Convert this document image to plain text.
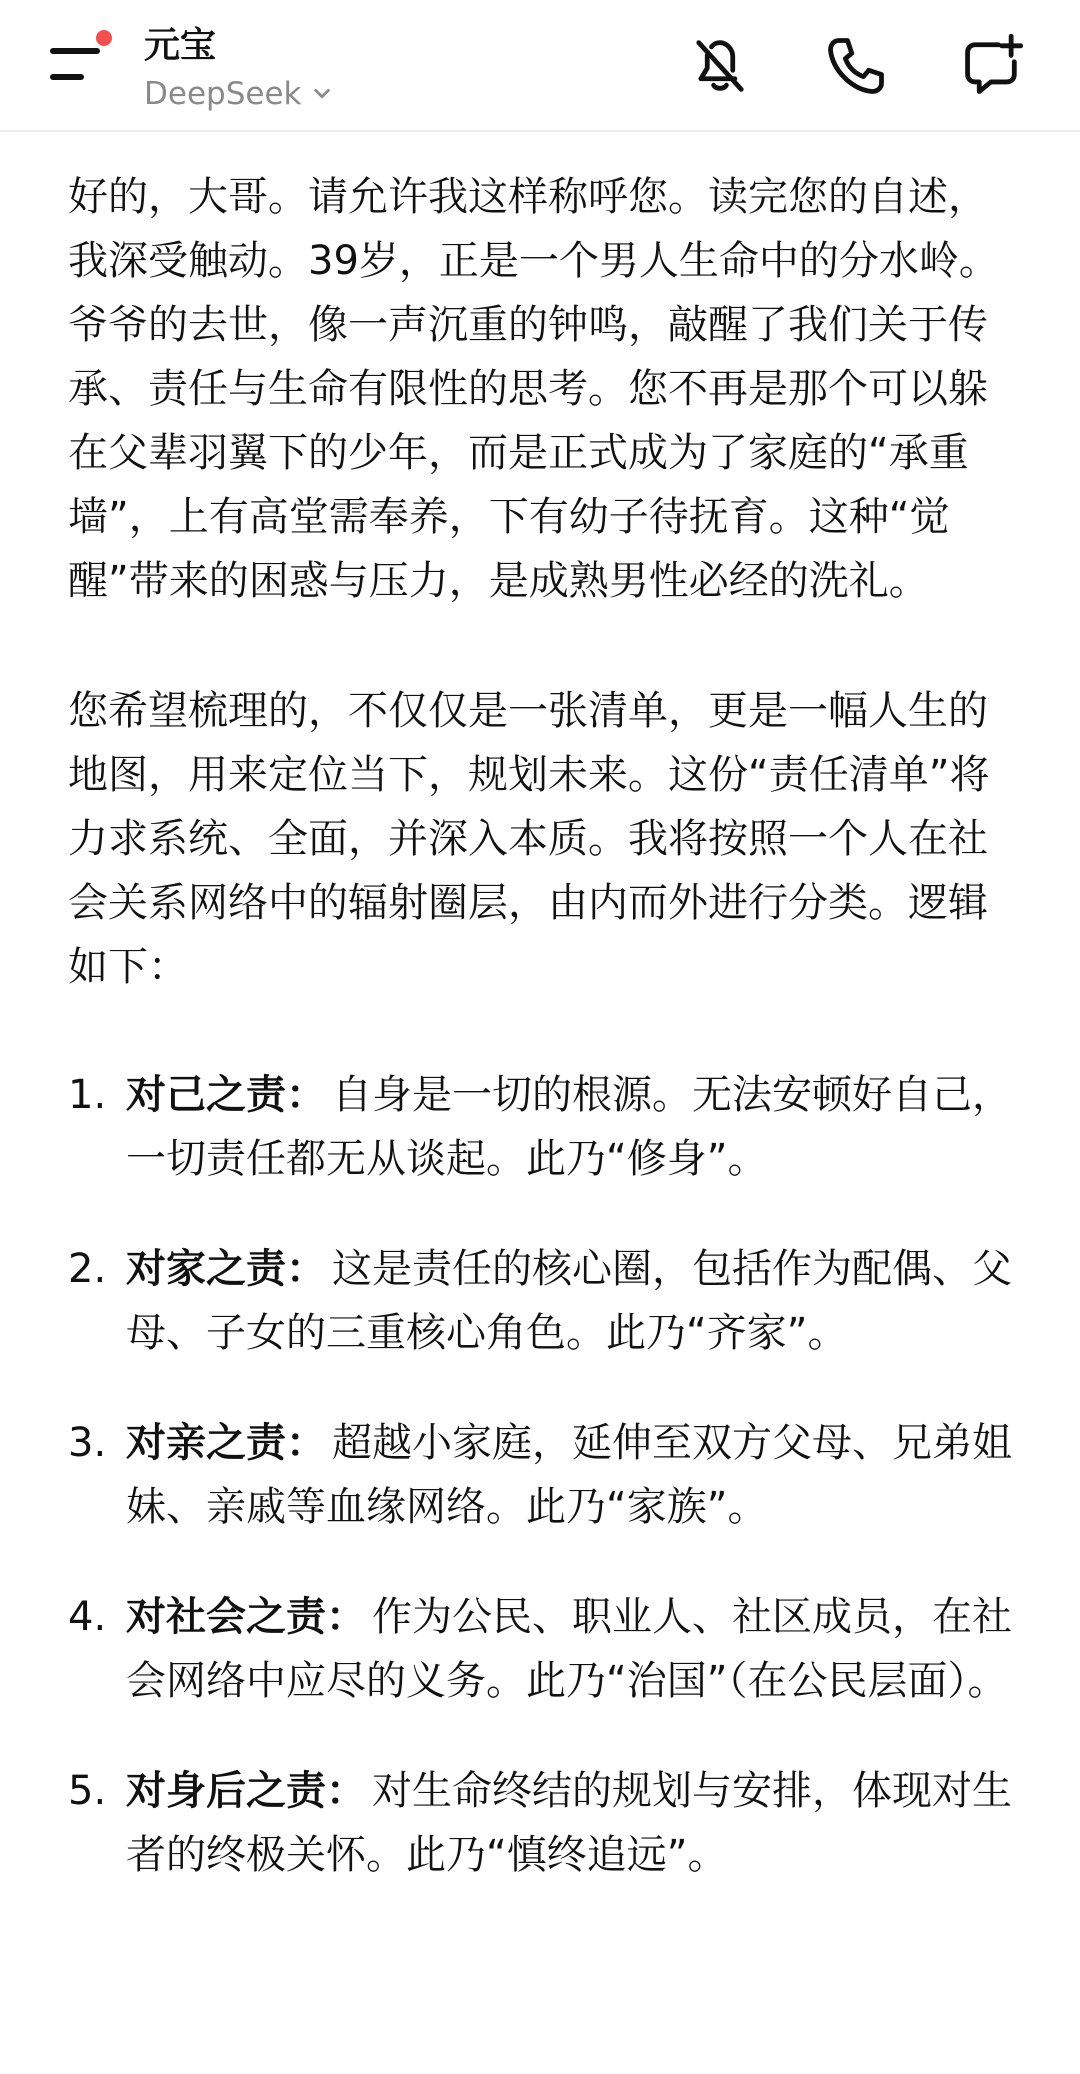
元宝
DeepSeek

好的，大哥。请允许我这样称呼您。读完您的自述，我深受触动。39岁，正是一个男人生命中的分水岭。爷爷的去世，像一声沉重的钟鸣，敲醒了我们关于传承、责任与生命有限性的思考。您不再是那个可以躲在父辈羽翼下的少年，而是正式成为了家庭的“承重墙”，上有高堂需奉养，下有幼子待抚育。这种“觉醒”带来的困惑与压力，是成熟男性必经的洗礼。

您希望梳理的，不仅仅是一张清单，更是一幅人生的地图，用来定位当下，规划未来。这份“责任清单”将力求系统、全面，并深入本质。我将按照一个人在社会关系网络中的辐射圈层，由内而外进行分类。逻辑如下：

1. 对己之责： 自身是一切的根源。无法安顿好自己，一切责任都无从谈起。此乃“修身”。
2. 对家之责： 这是责任的核心圈，包括作为配偶、父母、子女的三重核心角色。此乃“齐家”。
3. 对亲之责： 超越小家庭，延伸至双方父母、兄弟姐妹、亲戚等血缘网络。此乃“家族”。
4. 对社会之责： 作为公民、职业人、社区成员，在社会网络中应尽的义务。此乃“治国”（在公民层面）。
5. 对身后之责： 对生命终结的规划与安排，体现对生者的终极关怀。此乃“慎终追远”。
